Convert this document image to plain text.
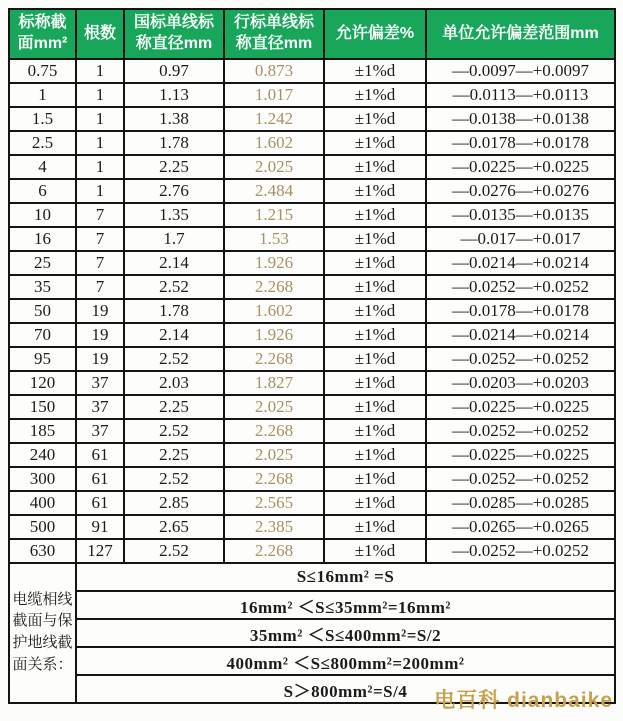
标称截面mm²	根数	国标单线标称直径mm	行标单线标称直径mm	允许偏差%	单位允许偏差范围mm
0.75	1	0.97	0.873	±1%d	—0.0097—+0.0097
1	1	1.13	1.017	±1%d	—0.0113—+0.0113
1.5	1	1.38	1.242	±1%d	—0.0138—+0.0138
2.5	1	1.78	1.602	±1%d	—0.0178—+0.0178
4	1	2.25	2.025	±1%d	—0.0225—+0.0225
6	1	2.76	2.484	±1%d	—0.0276—+0.0276
10	7	1.35	1.215	±1%d	—0.0135—+0.0135
16	7	1.7	1.53	±1%d	—0.017—+0.017
25	7	2.14	1.926	±1%d	—0.0214—+0.0214
35	7	2.52	2.268	±1%d	—0.0252—+0.0252
50	19	1.78	1.602	±1%d	—0.0178—+0.0178
70	19	2.14	1.926	±1%d	—0.0214—+0.0214
95	19	2.52	2.268	±1%d	—0.0252—+0.0252
120	37	2.03	1.827	±1%d	—0.0203—+0.0203
150	37	2.25	2.025	±1%d	—0.0225—+0.0225
185	37	2.52	2.268	±1%d	—0.0252—+0.0252
240	61	2.25	2.025	±1%d	—0.0225—+0.0225
300	61	2.52	2.268	±1%d	—0.0252—+0.0252
400	61	2.85	2.565	±1%d	—0.0285—+0.0285
500	91	2.65	2.385	±1%d	—0.0265—+0.0265
630	127	2.52	2.268	±1%d	—0.0252—+0.0252
电缆相线截面与保护地线截面关系：	S≤16mm² =S				
	16mm² ＜S≤35mm²=16mm²				
	35mm² ＜S≤400mm²=S/2				
	400mm² ＜S≤800mm²=200mm²				
	S＞800mm²=S/4				电百科 dianbaike
